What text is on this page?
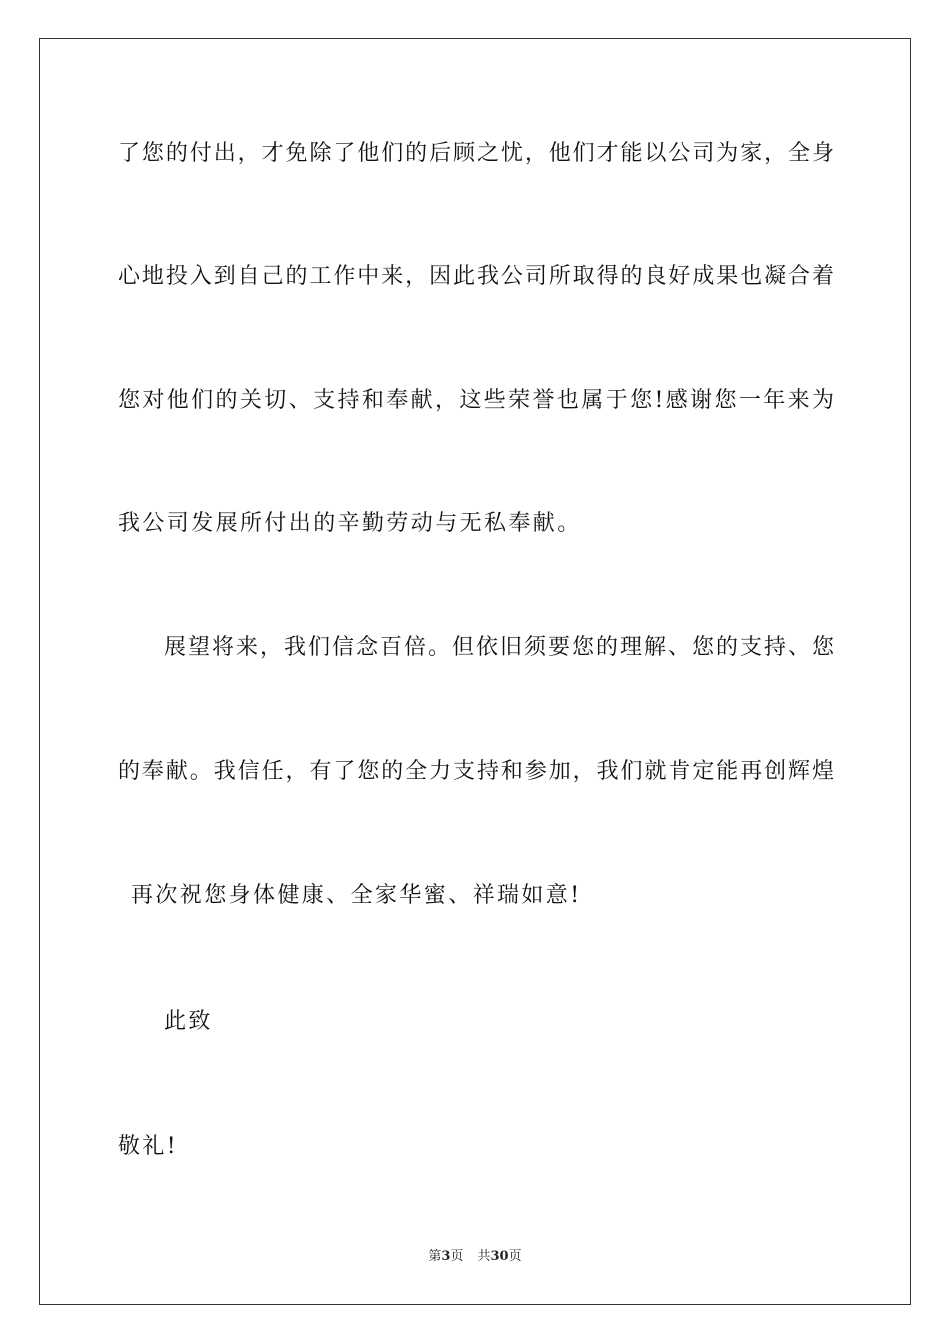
了您的付出，才免除了他们的后顾之忧，他们才能以公司为家，全身
心地投入到自己的工作中来，因此我公司所取得的良好成果也凝合着
您对他们的关切、支持和奉献，这些荣誉也属于您!感谢您一年来为
我公司发展所付出的辛勤劳动与无私奉献。
展望将来，我们信念百倍。但依旧须要您的理解、您的支持、您
的奉献。我信任，有了您的全力支持和参加，我们就肯定能再创辉煌
再次祝您身体健康、全家华蜜、祥瑞如意!
此致
敬礼!
第3页 共30页
